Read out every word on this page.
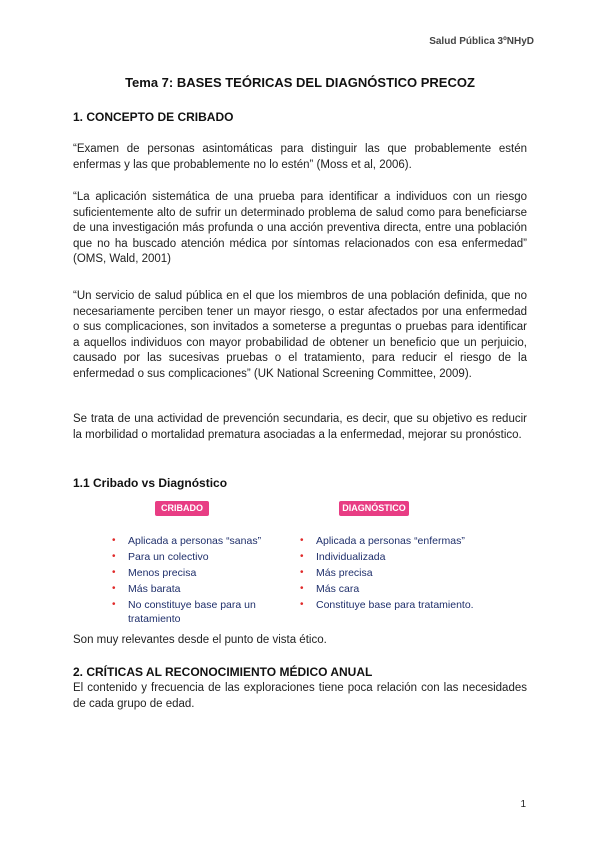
Salud Pública 3ºNHyD
Tema 7: BASES TEÓRICAS DEL DIAGNÓSTICO PRECOZ
1. CONCEPTO DE CRIBADO

“Examen de personas asintomáticas para distinguir las que probablemente estén enfermas y las que probablemente no lo estén” (Moss et al, 2006).

“La aplicación sistemática de una prueba para identificar a individuos con un riesgo suficientemente alto de sufrir un determinado problema de salud como para beneficiarse de una investigación más profunda o una acción preventiva directa, entre una población que no ha buscado atención médica por síntomas relacionados con esa enfermedad” (OMS, Wald, 2001)

“Un servicio de salud pública en el que los miembros de una población definida, que no necesariamente perciben tener un mayor riesgo, o estar afectados por una enfermedad o sus complicaciones, son invitados a someterse a preguntas o pruebas para identificar a aquellos individuos con mayor probabilidad de obtener un beneficio que un perjuicio, causado por las sucesivas pruebas o el tratamiento, para reducir el riesgo de la enfermedad o sus complicaciones” (UK National Screening Committee, 2009).

Se trata de una actividad de prevención secundaria, es decir, que su objetivo es reducir la morbilidad o mortalidad prematura asociadas a la enfermedad, mejorar su pronóstico.

1.1 Cribado vs Diagnóstico
CRIBADO	DIAGNÓSTICO
• Aplicada a personas “sanas”
• Para un colectivo
• Menos precisa
• Más barata
• No constituye base para un tratamiento
• Aplicada a personas “enfermas”
• Individualizada
• Más precisa
• Más cara
• Constituye base para tratamiento.

Son muy relevantes desde el punto de vista ético.

2. CRÍTICAS AL RECONOCIMIENTO MÉDICO ANUAL

El contenido y frecuencia de las exploraciones tiene poca relación con las necesidades de cada grupo de edad.

1
